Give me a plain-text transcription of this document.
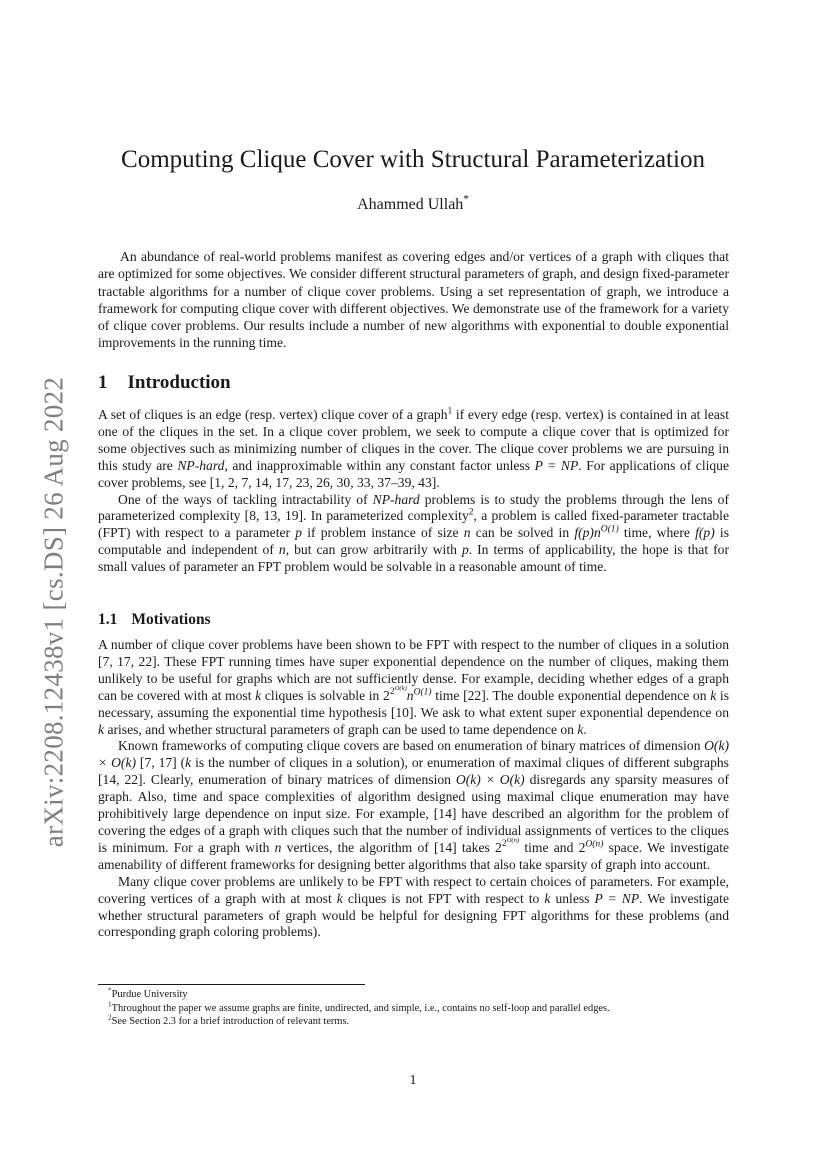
arXiv:2208.12438v1 [cs.DS] 26 Aug 2022
Computing Clique Cover with Structural Parameterization
Ahammed Ullah*

An abundance of real-world problems manifest as covering edges and/or vertices of a graph with cliques that are optimized for some objectives. We consider different structural parameters of graph, and design fixed-parameter tractable algorithms for a number of clique cover problems. Using a set representation of graph, we introduce a framework for computing clique cover with different objectives. We demonstrate use of the framework for a variety of clique cover problems. Our results include a number of new algorithms with exponential to double exponential improvements in the running time.

1 Introduction

A set of cliques is an edge (resp. vertex) clique cover of a graph$^1$ if every edge (resp. vertex) is contained in at least one of the cliques in the set. In a clique cover problem, we seek to compute a clique cover that is optimized for some objectives such as minimizing number of cliques in the cover. The clique cover problems we are pursuing in this study are NP-hard, and inapproximable within any constant factor unless P = NP. For applications of clique cover problems, see [1, 2, 7, 14, 17, 23, 26, 30, 33, 37–39, 43].

One of the ways of tackling intractability of NP-hard problems is to study the problems through the lens of parameterized complexity [8, 13, 19]. In parameterized complexity$^2$, a problem is called fixed-parameter tractable (FPT) with respect to a parameter p if problem instance of size n can be solved in $f(p)n^{O(1)}$ time, where f(p) is computable and independent of n, but can grow arbitrarily with p. In terms of applicability, the hope is that for small values of parameter an FPT problem would be solvable in a reasonable amount of time.

1.1 Motivations

A number of clique cover problems have been shown to be FPT with respect to the number of cliques in a solution [7, 17, 22]. These FPT running times have super exponential dependence on the number of cliques, making them unlikely to be useful for graphs which are not sufficiently dense. For example, deciding whether edges of a graph can be covered with at most k cliques is solvable in $2^{2^{O(k)}}n^{O(1)}$ time [22]. The double exponential dependence on k is necessary, assuming the exponential time hypothesis [10]. We ask to what extent super exponential dependence on k arises, and whether structural parameters of graph can be used to tame dependence on k.

Known frameworks of computing clique covers are based on enumeration of binary matrices of dimension O(k) × O(k) [7, 17] (k is the number of cliques in a solution), or enumeration of maximal cliques of different subgraphs [14, 22]. Clearly, enumeration of binary matrices of dimension O(k) × O(k) disregards any sparsity measures of graph. Also, time and space complexities of algorithm designed using maximal clique enumeration may have prohibitively large dependence on input size. For example, [14] have described an algorithm for the problem of covering the edges of a graph with cliques such that the number of individual assignments of vertices to the cliques is minimum. For a graph with n vertices, the algorithm of [14] takes $2^{2^{O(n)}}$ time and $2^{O(n)}$ space. We investigate amenability of different frameworks for designing better algorithms that also take sparsity of graph into account.

Many clique cover problems are unlikely to be FPT with respect to certain choices of parameters. For example, covering vertices of a graph with at most k cliques is not FPT with respect to k unless P = NP. We investigate whether structural parameters of graph would be helpful for designing FPT algorithms for these problems (and corresponding graph coloring problems).

*Purdue University
$^1$Throughout the paper we assume graphs are finite, undirected, and simple, i.e., contains no self-loop and parallel edges.
$^2$See Section 2.3 for a brief introduction of relevant terms.
1
